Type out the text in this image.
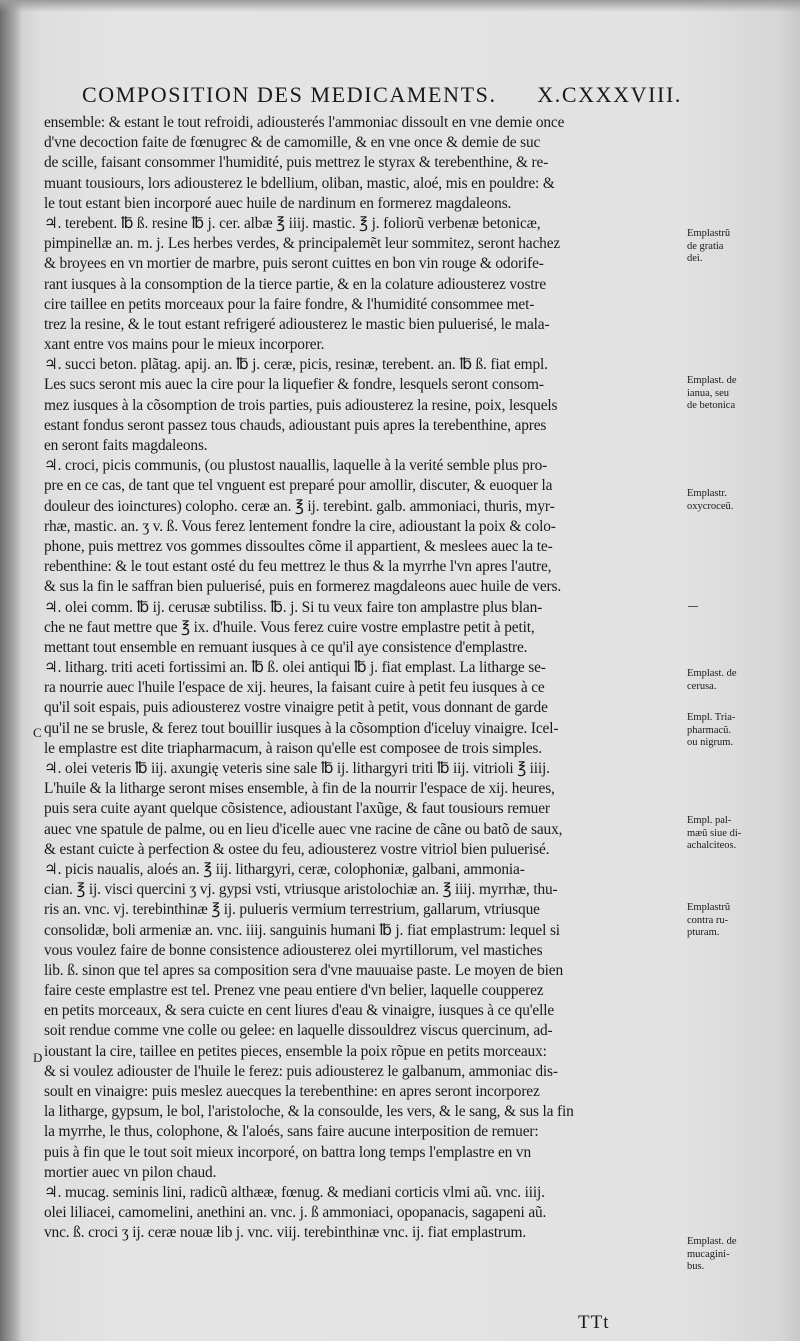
COMPOSITION DES MEDICAMENTS. X.CXXXVIII.
ensemble: & estant le tout refroidi, adiousterés l'ammoniac dissoult en vne demie once
d'vne decoction faite de fœnugrec & de camomille, & en vne once & demie de suc
de scille, faisant consommer l'humidité, puis mettrez le styrax & terebenthine, & re-
muant tousiours, lors adiousterez le bdellium, oliban, mastic, aloé, mis en pouldre: &
le tout estant bien incorporé auec huile de nardinum en formerez magdaleons.
♃. terebent. ℔ ß. resine ℔ j. cer. albæ ℥ iiij. mastic. ℥ j. foliorũ verbenæ betonicæ,
pimpinellæ an. m. j. Les herbes verdes, & principalemẽt leur sommitez, seront hachez
& broyees en vn mortier de marbre, puis seront cuittes en bon vin rouge & odorife-
rant iusques à la consomption de la tierce partie, & en la colature adiousterez vostre
cire taillee en petits morceaux pour la faire fondre, & l'humidité consommee met-
trez la resine, & le tout estant refrigeré adiousterez le mastic bien puluerisé, le mala-
xant entre vos mains pour le mieux incorporer.
♃. succi beton. plãtag. apij. an. ℔ j. ceræ, picis, resinæ, terebent. an. ℔ ß. fiat empl.
Les sucs seront mis auec la cire pour la liquefier & fondre, lesquels seront consom-
mez iusques à la cõsomption de trois parties, puis adiousterez la resine, poix, lesquels
estant fondus seront passez tous chauds, adioustant puis apres la terebenthine, apres
en seront faits magdaleons.
♃. croci, picis communis, (ou plustost nauallis, laquelle à la verité semble plus pro-
pre en ce cas, de tant que tel vnguent est preparé pour amollir, discuter, & euoquer la
douleur des ioinctures) colopho. ceræ an. ℥ ij. terebint. galb. ammoniaci, thuris, myr-
rhæ, mastic. an. ʒ v. ß. Vous ferez lentement fondre la cire, adioustant la poix & colo-
phone, puis mettrez vos gommes dissoultes cõme il appartient, & meslees auec la te-
rebenthine: & le tout estant osté du feu mettrez le thus & la myrrhe l'vn apres l'autre,
& sus la fin le saffran bien puluerisé, puis en formerez magdaleons auec huile de vers.
♃. olei comm. ℔ ij. cerusæ subtiliss. ℔. j. Si tu veux faire ton amplastre plus blan-
che ne faut mettre que ℥ ix. d'huile. Vous ferez cuire vostre emplastre petit à petit,
mettant tout ensemble en remuant iusques à ce qu'il aye consistence d'emplastre.
♃. litharg. triti aceti fortissimi an. ℔ ß. olei antiqui ℔ j. fiat emplast. La litharge se-
ra nourrie auec l'huile l'espace de xij. heures, la faisant cuire à petit feu iusques à ce
qu'il soit espais, puis adiousterez vostre vinaigre petit à petit, vous donnant de garde
qu'il ne se brusle, & ferez tout bouillir iusques à la cõsomption d'iceluy vinaigre. Icel-
le emplastre est dite triapharmacum, à raison qu'elle est composee de trois simples.
♃. olei veteris ℔ iij. axungię veteris sine sale ℔ ij. lithargyri triti ℔ iij. vitrioli ℥ iiij.
L'huile & la litharge seront mises ensemble, à fin de la nourrir l'espace de xij. heures,
puis sera cuite ayant quelque cõsistence, adioustant l'axũge, & faut tousiours remuer
auec vne spatule de palme, ou en lieu d'icelle auec vne racine de cãne ou batõ de saux,
& estant cuicte à perfection & ostee du feu, adiousterez vostre vitriol bien puluerisé.
♃. picis naualis, aloés an. ℥ iij. lithargyri, ceræ, colophoniæ, galbani, ammonia-
cian. ℥ ij. visci quercini ʒ vj. gypsi vsti, vtriusque aristolochiæ an. ℥ iiij. myrrhæ, thu-
ris an. vnc. vj. terebinthinæ ℥ ij. pulueris vermium terrestrium, gallarum, vtriusque
consolidæ, boli armeniæ an. vnc. iiij. sanguinis humani ℔ j. fiat emplastrum: lequel si
vous voulez faire de bonne consistence adiousterez olei myrtillorum, vel mastiches
lib. ß. sinon que tel apres sa composition sera d'vne mauuaise paste. Le moyen de bien
faire ceste emplastre est tel. Prenez vne peau entiere d'vn belier, laquelle coupperez
en petits morceaux, & sera cuicte en cent liures d'eau & vinaigre, iusques à ce qu'elle
soit rendue comme vne colle ou gelee: en laquelle dissouldrez viscus quercinum, ad-
ioustant la cire, taillee en petites pieces, ensemble la poix rõpue en petits morceaux:
& si voulez adiouster de l'huile le ferez: puis adiousterez le galbanum, ammoniac dis-
soult en vinaigre: puis meslez auecques la terebenthine: en apres seront incorporez
la litharge, gypsum, le bol, l'aristoloche, & la consoulde, les vers, & le sang, & sus la fin
la myrrhe, le thus, colophone, & l'aloés, sans faire aucune interposition de remuer:
puis à fin que le tout soit mieux incorporé, on battra long temps l'emplastre en vn
mortier auec vn pilon chaud.
♃. mucag. seminis lini, radicũ althææ, fœnug. & mediani corticis vlmi aũ. vnc. iiij.
olei liliacei, camomelini, anethini an. vnc. j. ß ammoniaci, opopanacis, sagapeni aũ.
vnc. ß. croci ʒ ij. ceræ nouæ lib j. vnc. viij. terebinthinæ vnc. ij. fiat emplastrum.
Emplastrũ
de gratia
dei.
Emplast. de
ianua, seu
de betonica
Emplastr.
oxycroceũ.
Emplast. de
cerusa.
Empl. Tria-
pharmacũ.
ou nigrum.
Empl. pal-
mæũ siue di-
achalciteos.
Emplastrũ
contra ru-
pturam.
Emplast. de
mucagini-
bus.
C
D
TTt
